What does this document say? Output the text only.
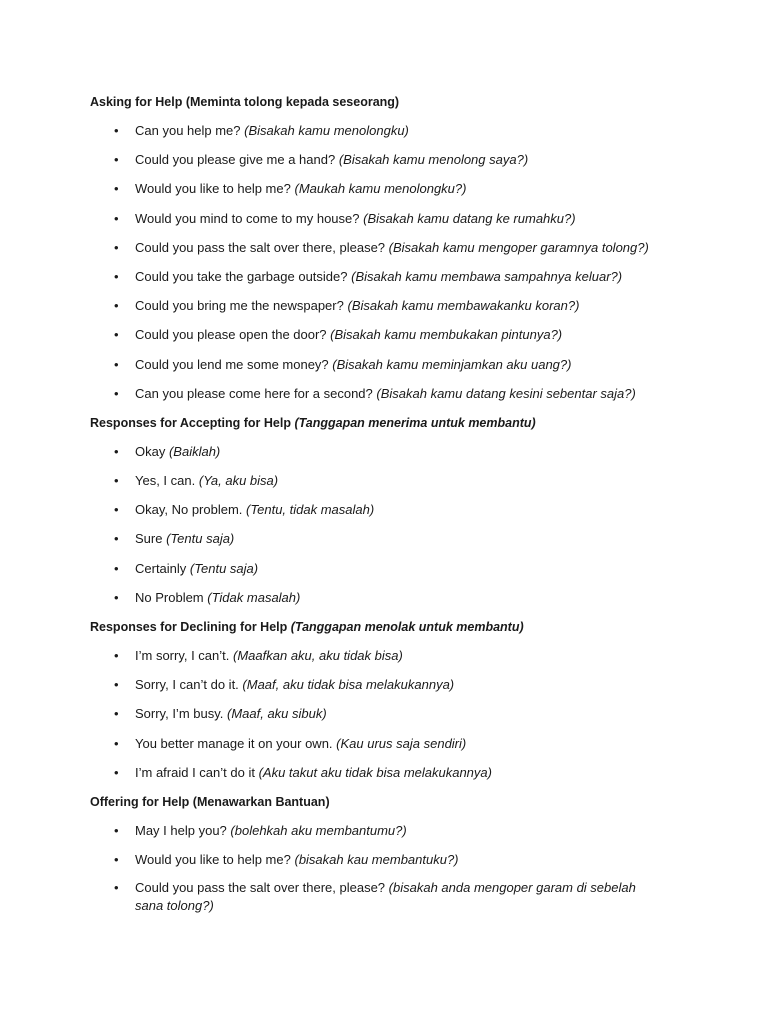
Asking for Help (Meminta tolong kepada seseorang)
• Can you help me? (Bisakah kamu menolongku)
• Could you please give me a hand? (Bisakah kamu menolong saya?)
• Would you like to help me? (Maukah kamu menolongku?)
• Would you mind to come to my house? (Bisakah kamu datang ke rumahku?)
• Could you pass the salt over there, please? (Bisakah kamu mengoper garamnya tolong?)
• Could you take the garbage outside? (Bisakah kamu membawa sampahnya keluar?)
• Could you bring me the newspaper? (Bisakah kamu membawakanku koran?)
• Could you please open the door? (Bisakah kamu membukakan pintunya?)
• Could you lend me some money? (Bisakah kamu meminjamkan aku uang?)
• Can you please come here for a second? (Bisakah kamu datang kesini sebentar saja?)
Responses for Accepting for Help (Tanggapan menerima untuk membantu)
• Okay (Baiklah)
• Yes, I can. (Ya, aku bisa)
• Okay, No problem. (Tentu, tidak masalah)
• Sure (Tentu saja)
• Certainly (Tentu saja)
• No Problem (Tidak masalah)
Responses for Declining for Help (Tanggapan menolak untuk membantu)
• I’m sorry, I can’t. (Maafkan aku, aku tidak bisa)
• Sorry, I can’t do it. (Maaf, aku tidak bisa melakukannya)
• Sorry, I’m busy. (Maaf, aku sibuk)
• You better manage it on your own. (Kau urus saja sendiri)
• I’m afraid I can’t do it (Aku takut aku tidak bisa melakukannya)
Offering for Help (Menawarkan Bantuan)
• May I help you? (bolehkah aku membantumu?)
• Would you like to help me? (bisakah kau membantuku?)
• Could you pass the salt over there, please? (bisakah anda mengoper garam di sebelah sana tolong?)
